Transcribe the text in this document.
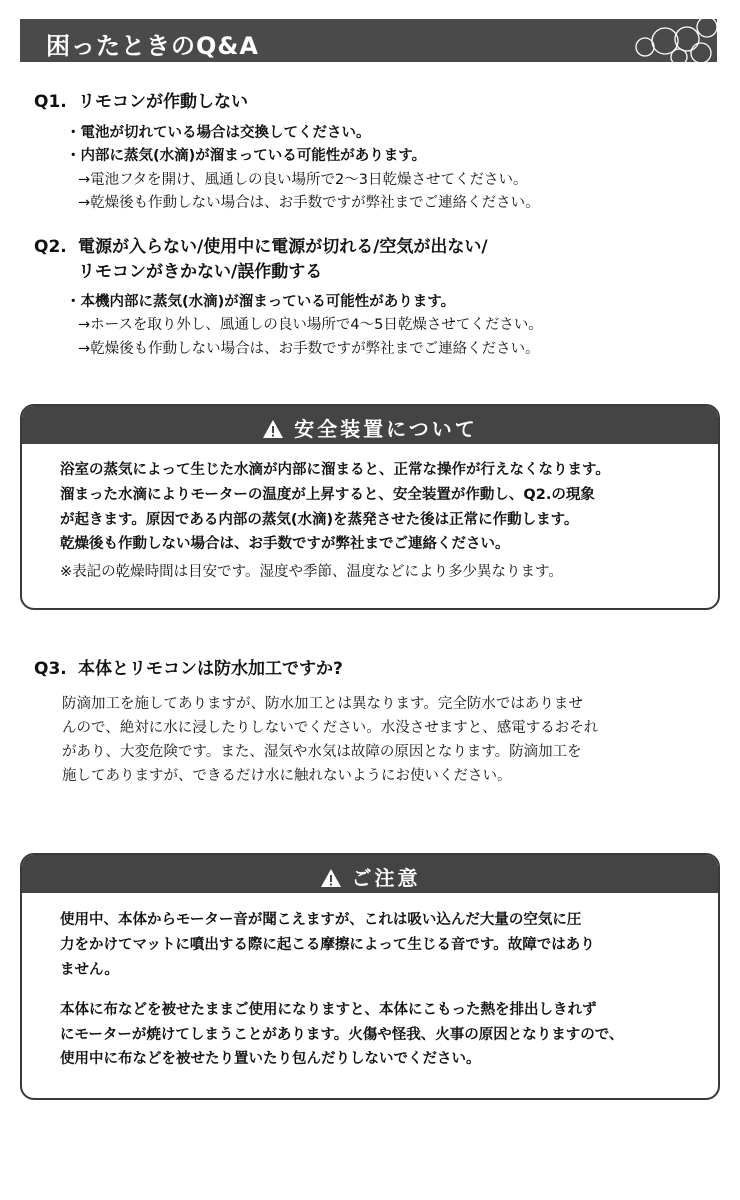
困ったときのQ&A
Q1. リモコンが作動しない
・電池が切れている場合は交換してください。
・内部に蒸気(水滴)が溜まっている可能性があります。
→電池フタを開け、風通しの良い場所で2～3日乾燥させてください。
→乾燥後も作動しない場合は、お手数ですが弊社までご連絡ください。
Q2. 電源が入らない/使用中に電源が切れる/空気が出ない/
リモコンがきかない/誤作動する
・本機内部に蒸気(水滴)が溜まっている可能性があります。
→ホースを取り外し、風通しの良い場所で4～5日乾燥させてください。
→乾燥後も作動しない場合は、お手数ですが弊社までご連絡ください。
安全装置について
浴室の蒸気によって生じた水滴が内部に溜まると、正常な操作が行えなくなります。
溜まった水滴によりモーターの温度が上昇すると、安全装置が作動し、Q2.の現象
が起きます。原因である内部の蒸気(水滴)を蒸発させた後は正常に作動します。
乾燥後も作動しない場合は、お手数ですが弊社までご連絡ください。
※表記の乾燥時間は目安です。湿度や季節、温度などにより多少異なります。
Q3. 本体とリモコンは防水加工ですか?
防滴加工を施してありますが、防水加工とは異なります。完全防水ではありませ
んので、絶対に水に浸したりしないでください。水没させますと、感電するおそれ
があり、大変危険です。また、湿気や水気は故障の原因となります。防滴加工を
施してありますが、できるだけ水に触れないようにお使いください。
ご注意
使用中、本体からモーター音が聞こえますが、これは吸い込んだ大量の空気に圧
力をかけてマットに噴出する際に起こる摩擦によって生じる音です。故障ではあり
ません。
本体に布などを被せたままご使用になりますと、本体にこもった熱を排出しきれず
にモーターが焼けてしまうことがあります。火傷や怪我、火事の原因となりますので、
使用中に布などを被せたり置いたり包んだりしないでください。
